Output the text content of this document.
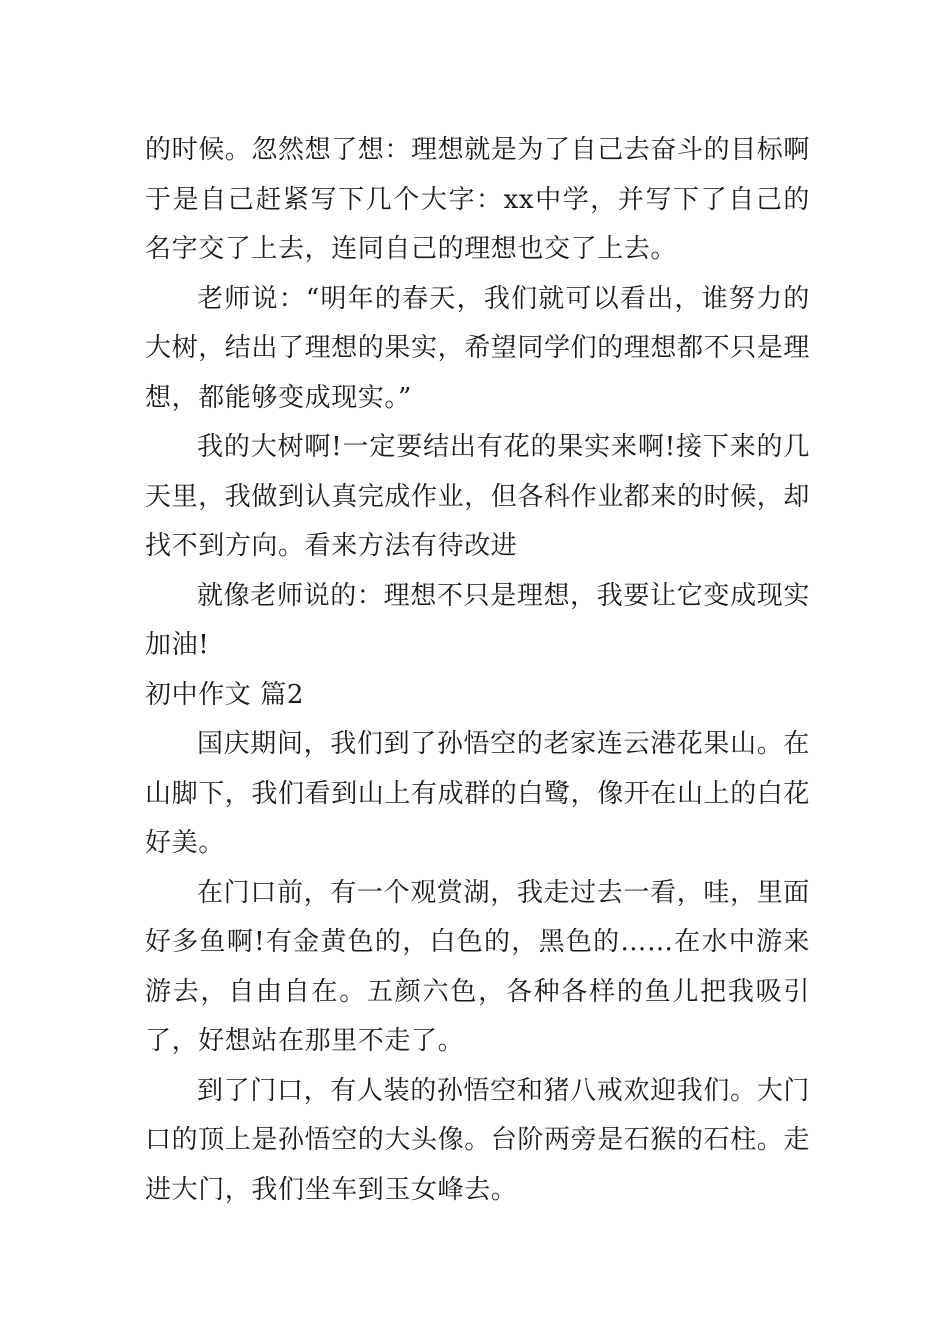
的时候。忽然想了想：理想就是为了自己去奋斗的目标啊于是自己赶紧写下几个大字：xx中学，并写下了自己的名字交了上去，连同自己的理想也交了上去。

老师说：“明年的春天，我们就可以看出，谁努力的大树，结出了理想的果实，希望同学们的理想都不只是理想，都能够变成现实。”

我的大树啊!一定要结出有花的果实来啊!接下来的几天里，我做到认真完成作业，但各科作业都来的时候，却找不到方向。看来方法有待改进

就像老师说的：理想不只是理想，我要让它变成现实加油!

初中作文 篇2

国庆期间，我们到了孙悟空的老家连云港花果山。在山脚下，我们看到山上有成群的白鹭，像开在山上的白花好美。

在门口前，有一个观赏湖，我走过去一看，哇，里面好多鱼啊!有金黄色的，白色的，黑色的……在水中游来游去，自由自在。五颜六色，各种各样的鱼儿把我吸引了，好想站在那里不走了。

到了门口，有人装的孙悟空和猪八戒欢迎我们。大门口的顶上是孙悟空的大头像。台阶两旁是石猴的石柱。走进大门，我们坐车到玉女峰去。
